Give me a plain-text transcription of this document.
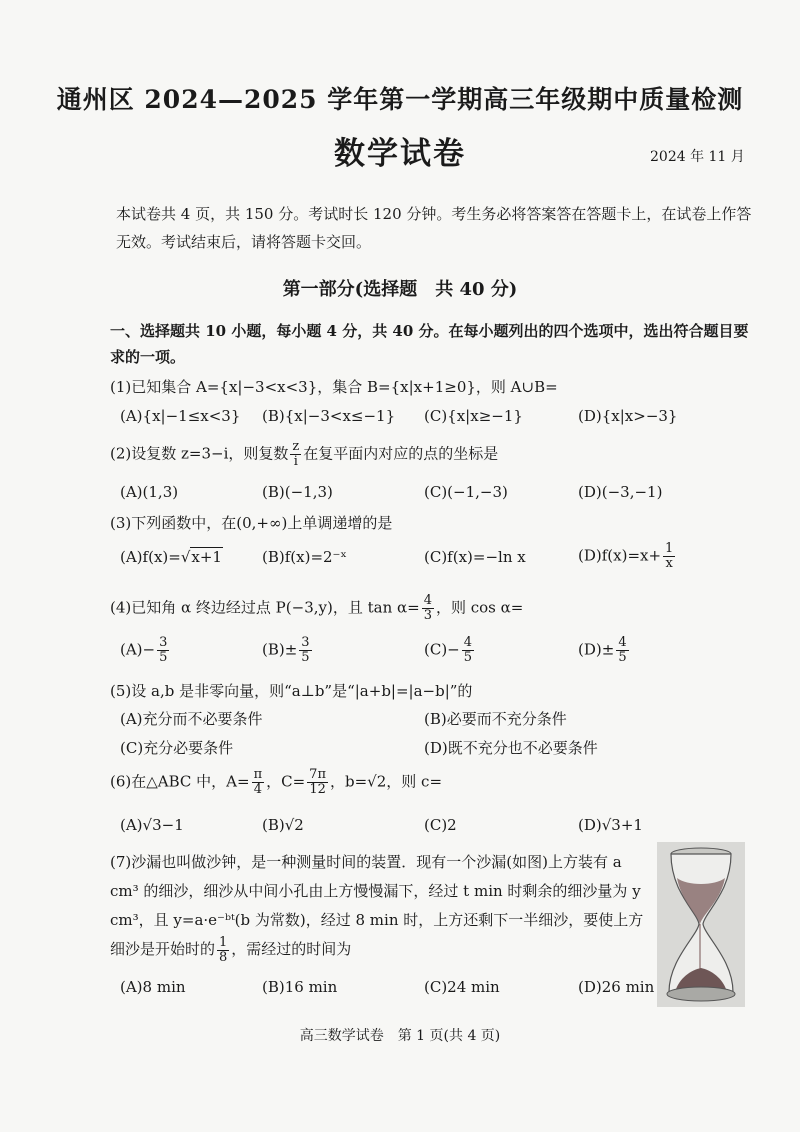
通州区 2024—2025 学年第一学期高三年级期中质量检测
数学试卷	2024 年 11 月
本试卷共 4 页，共 150 分。考试时长 120 分钟。考生务必将答案答在答题卡上，在试卷上作答无效。考试结束后，请将答题卡交回。
第一部分(选择题　共 40 分)
一、选择题共 10 小题，每小题 4 分，共 40 分。在每小题列出的四个选项中，选出符合题目要求的一项。
(1)已知集合 A={x|−3<x<3}，集合 B={x|x+1≥0}，则 A∪B=
(A){x|−1≤x<3} (B){x|−3<x≤−1} (C){x|x≥−1}	(D){x|x>−3}
(2)设复数 z=3−i，则复数 $\frac{z}{i}$ 在复平面内对应的点的坐标是
(A)(1,3)	(B)(−1,3)	(C)(−1,−3)	(D)(−3,−1)
(3)下列函数中，在(0,+∞)上单调递增的是
(A)f(x)=√x+1	(B)f(x)=2⁻ˣ	(C)f(x)=−ln x	$(D)f(x)=x+ \frac{1}{x}$
(4)已知角 α 终边经过点 P(−3,y)，且 $\tan \alpha= \frac{4}{3}$ ，则 cos α=
$(A)- \frac{3}{5}$	$(B)\pm \frac{3}{5}$	$(C)- \frac{4}{5}$	$(D)\pm \frac{4}{5}$
(5)设 a,b 是非零向量，则“a⊥b”是“|a+b|=|a−b|”的
(A)充分而不必要条件	(B)必要而不充分条件
(C)充分必要条件	(D)既不充分也不必要条件
(6)在△ABC 中，$A= \frac{\pi}{4}$ ，$C= \frac{7\pi}{12}$ ，b=√2，则 c=
(A)√3−1	(B)√2	(C)2	(D)√3+1
(7)沙漏也叫做沙钟，是一种测量时间的装置．现有一个沙漏(如图)上方装有 a cm³ 的细沙，细沙从中间小孔由上方慢慢漏下，经过 t min 时剩余的细沙量为 y cm³，且 y=a·e⁻ᵇᵗ(b 为常数)，经过 8 min 时，上方还剩下一半细沙，要使上方细沙是开始时的 $\frac{1}{8}$ ，需经过的时间为
(A)8 min	(B)16 min	(C)24 min	(D)26 min
高三数学试卷　第 1 页(共 4 页)
